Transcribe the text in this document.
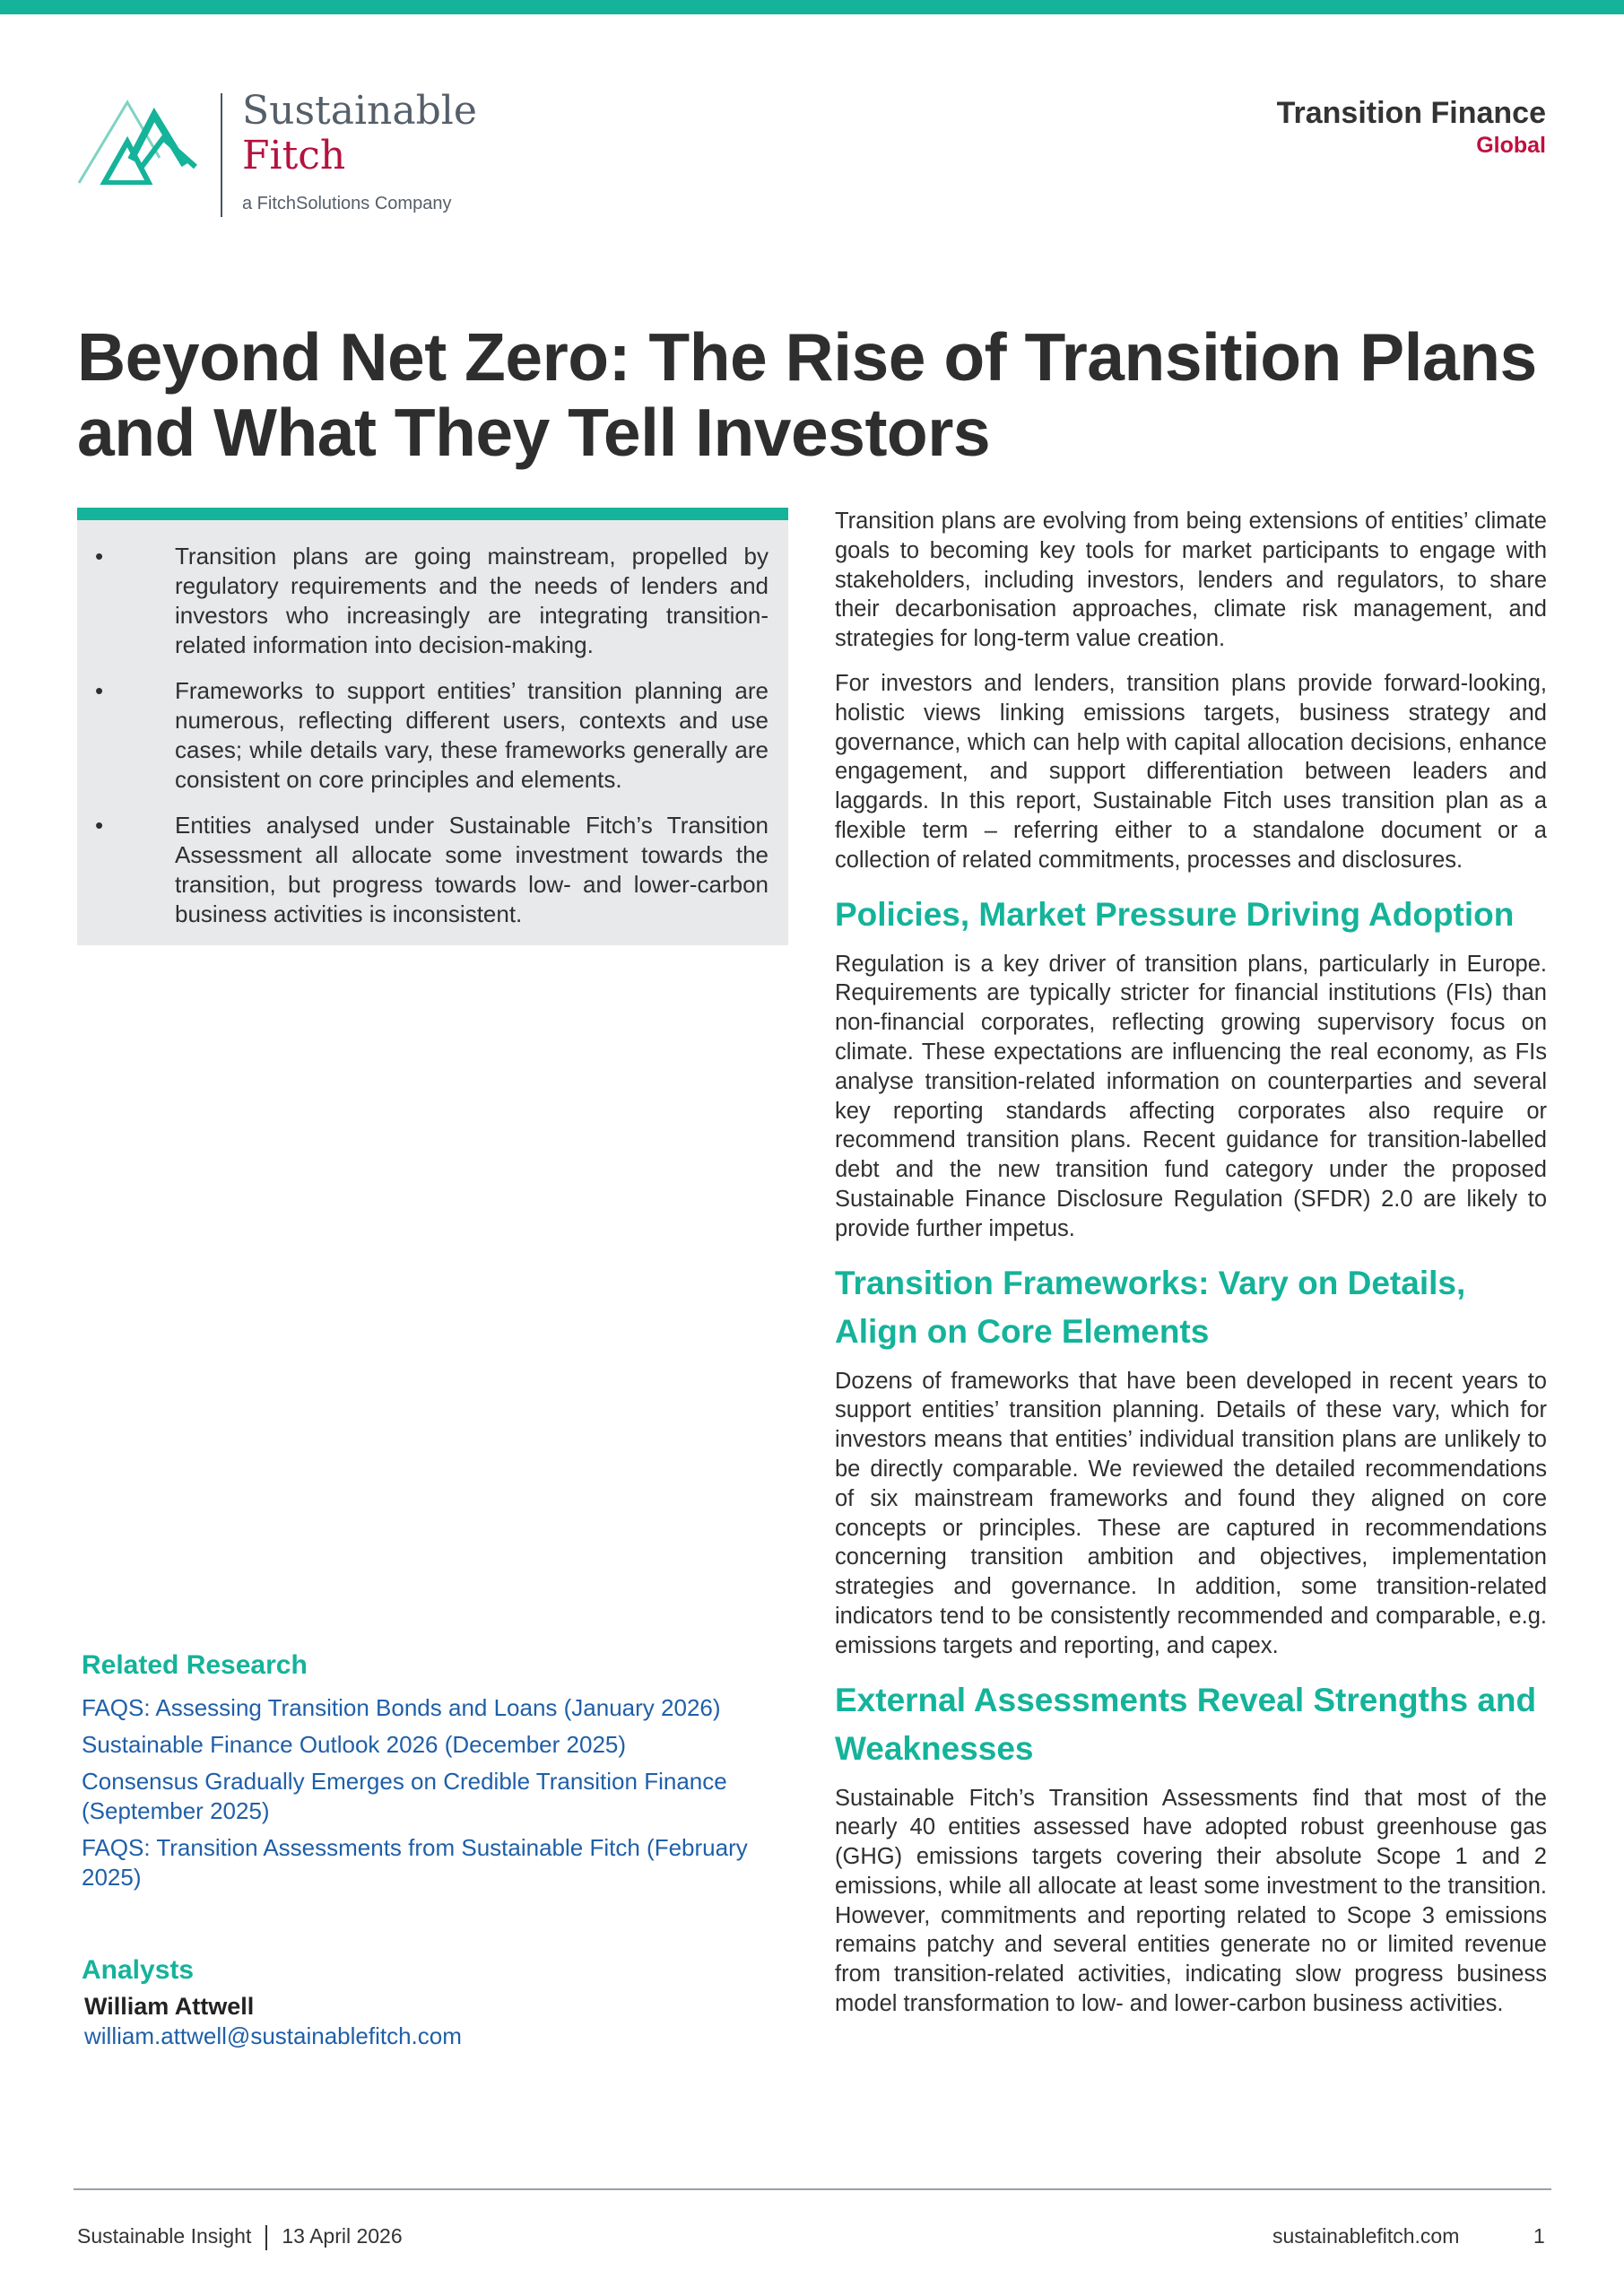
Sustainable
Fitch
a FitchSolutions Company
Transition Finance
Global
Beyond Net Zero: The Rise of Transition Plans and What They Tell Investors
•	Transition plans are going mainstream, propelled by regulatory requirements and the needs of lenders and investors who increasingly are integrating transition-related information into decision-making.
•	Frameworks to support entities’ transition planning are numerous, reflecting different users, contexts and use cases; while details vary, these frameworks generally are consistent on core principles and elements.
•	Entities analysed under Sustainable Fitch’s Transition Assessment all allocate some investment towards the transition, but progress towards low- and lower-carbon business activities is inconsistent.
Related Research
FAQS: Assessing Transition Bonds and Loans (January 2026)
Sustainable Finance Outlook 2026 (December 2025)
Consensus Gradually Emerges on Credible Transition Finance (September 2025)
FAQS: Transition Assessments from Sustainable Fitch (February 2025)
Analysts
William Attwell
william.attwell@sustainablefitch.com

Transition plans are evolving from being extensions of entities’ climate goals to becoming key tools for market participants to engage with stakeholders, including investors, lenders and regulators, to share their decarbonisation approaches, climate risk management, and strategies for long-term value creation.

For investors and lenders, transition plans provide forward-looking, holistic views linking emissions targets, business strategy and governance, which can help with capital allocation decisions, enhance engagement, and support differentiation between leaders and laggards. In this report, Sustainable Fitch uses transition plan as a flexible term – referring either to a standalone document or a collection of related commitments, processes and disclosures.

Policies, Market Pressure Driving Adoption

Regulation is a key driver of transition plans, particularly in Europe. Requirements are typically stricter for financial institutions (FIs) than non-financial corporates, reflecting growing supervisory focus on climate. These expectations are influencing the real economy, as FIs analyse transition-related information on counterparties and several key reporting standards affecting corporates also require or recommend transition plans. Recent guidance for transition-labelled debt and the new transition fund category under the proposed Sustainable Finance Disclosure Regulation (SFDR) 2.0 are likely to provide further impetus.

Transition Frameworks: Vary on Details, Align on Core Elements

Dozens of frameworks that have been developed in recent years to support entities’ transition planning. Details of these vary, which for investors means that entities’ individual transition plans are unlikely to be directly comparable. We reviewed the detailed recommendations of six mainstream frameworks and found they aligned on core concepts or principles. These are captured in recommendations concerning transition ambition and objectives, implementation strategies and governance. In addition, some transition-related indicators tend to be consistently recommended and comparable, e.g. emissions targets and reporting, and capex.

External Assessments Reveal Strengths and Weaknesses

Sustainable Fitch’s Transition Assessments find that most of the nearly 40 entities assessed have adopted robust greenhouse gas (GHG) emissions targets covering their absolute Scope 1 and 2 emissions, while all allocate at least some investment to the transition. However, commitments and reporting related to Scope 3 emissions remains patchy and several entities generate no or limited revenue from transition-related activities, indicating slow progress business model transformation to low- and lower-carbon business activities.

Sustainable Insight 13 April 2026	sustainablefitch.com	1
